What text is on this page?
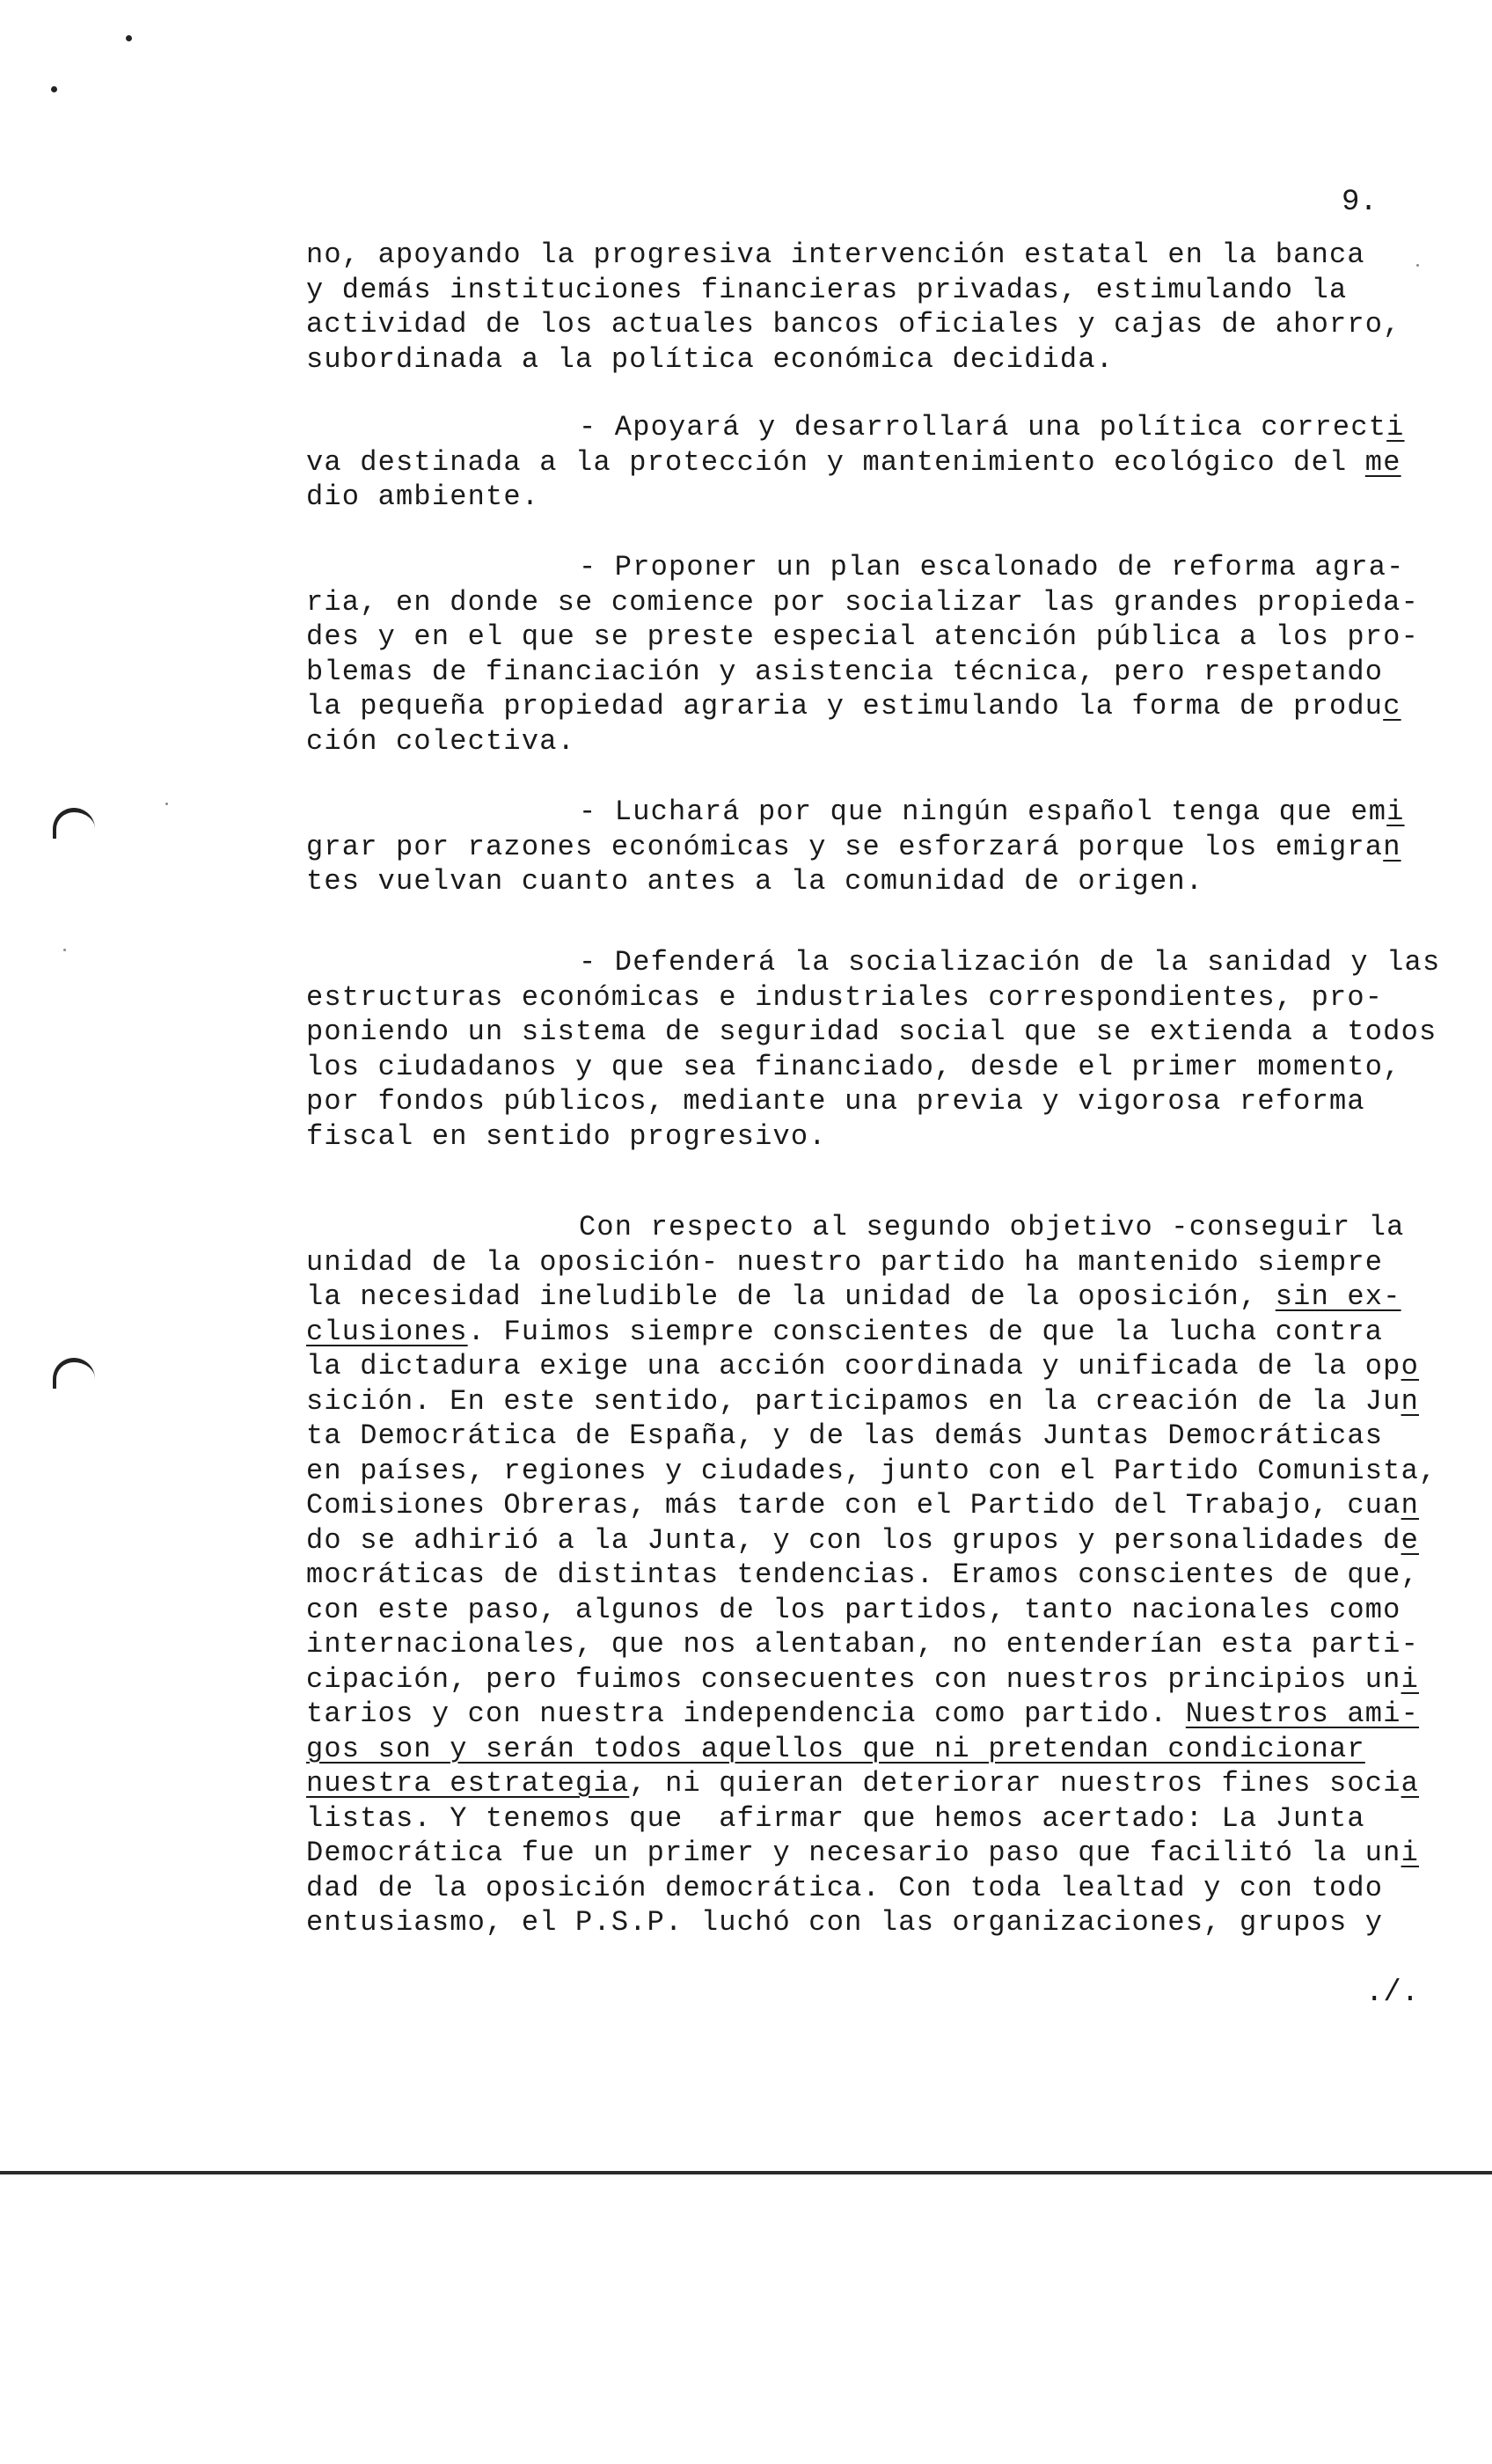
9.
no, apoyando la progresiva intervención estatal en la banca
y demás instituciones financieras privadas, estimulando la
actividad de los actuales bancos oficiales y cajas de ahorro,
subordinada a la política económica decidida.
- Apoyará y desarrollará una política correcti
va destinada a la protección y mantenimiento ecológico del me
dio ambiente.
- Proponer un plan escalonado de reforma agra-
ria, en donde se comience por socializar las grandes propieda-
des y en el que se preste especial atención pública a los pro-
blemas de financiación y asistencia técnica, pero respetando
la pequeña propiedad agraria y estimulando la forma de produc
ción colectiva.
- Luchará por que ningún español tenga que emi
grar por razones económicas y se esforzará porque los emigran
tes vuelvan cuanto antes a la comunidad de origen.
- Defenderá la socialización de la sanidad y las
estructuras económicas e industriales correspondientes, pro-
poniendo un sistema de seguridad social que se extienda a todos
los ciudadanos y que sea financiado, desde el primer momento,
por fondos públicos, mediante una previa y vigorosa reforma
fiscal en sentido progresivo.
Con respecto al segundo objetivo -conseguir la
unidad de la oposición- nuestro partido ha mantenido siempre
la necesidad ineludible de la unidad de la oposición, sin ex-
clusiones. Fuimos siempre conscientes de que la lucha contra
la dictadura exige una acción coordinada y unificada de la opo
sición. En este sentido, participamos en la creación de la Jun
ta Democrática de España, y de las demás Juntas Democráticas
en países, regiones y ciudades, junto con el Partido Comunista,
Comisiones Obreras, más tarde con el Partido del Trabajo, cuan
do se adhirió a la Junta, y con los grupos y personalidades de
mocráticas de distintas tendencias. Eramos conscientes de que,
con este paso, algunos de los partidos, tanto nacionales como
internacionales, que nos alentaban, no entenderían esta parti-
cipación, pero fuimos consecuentes con nuestros principios uni
tarios y con nuestra independencia como partido. Nuestros ami-
gos son y serán todos aquellos que ni pretendan condicionar
nuestra estrategia, ni quieran deteriorar nuestros fines socia
listas. Y tenemos que  afirmar que hemos acertado: La Junta
Democrática fue un primer y necesario paso que facilitó la uni
dad de la oposición democrática. Con toda lealtad y con todo
entusiasmo, el P.S.P. luchó con las organizaciones, grupos y
./.
